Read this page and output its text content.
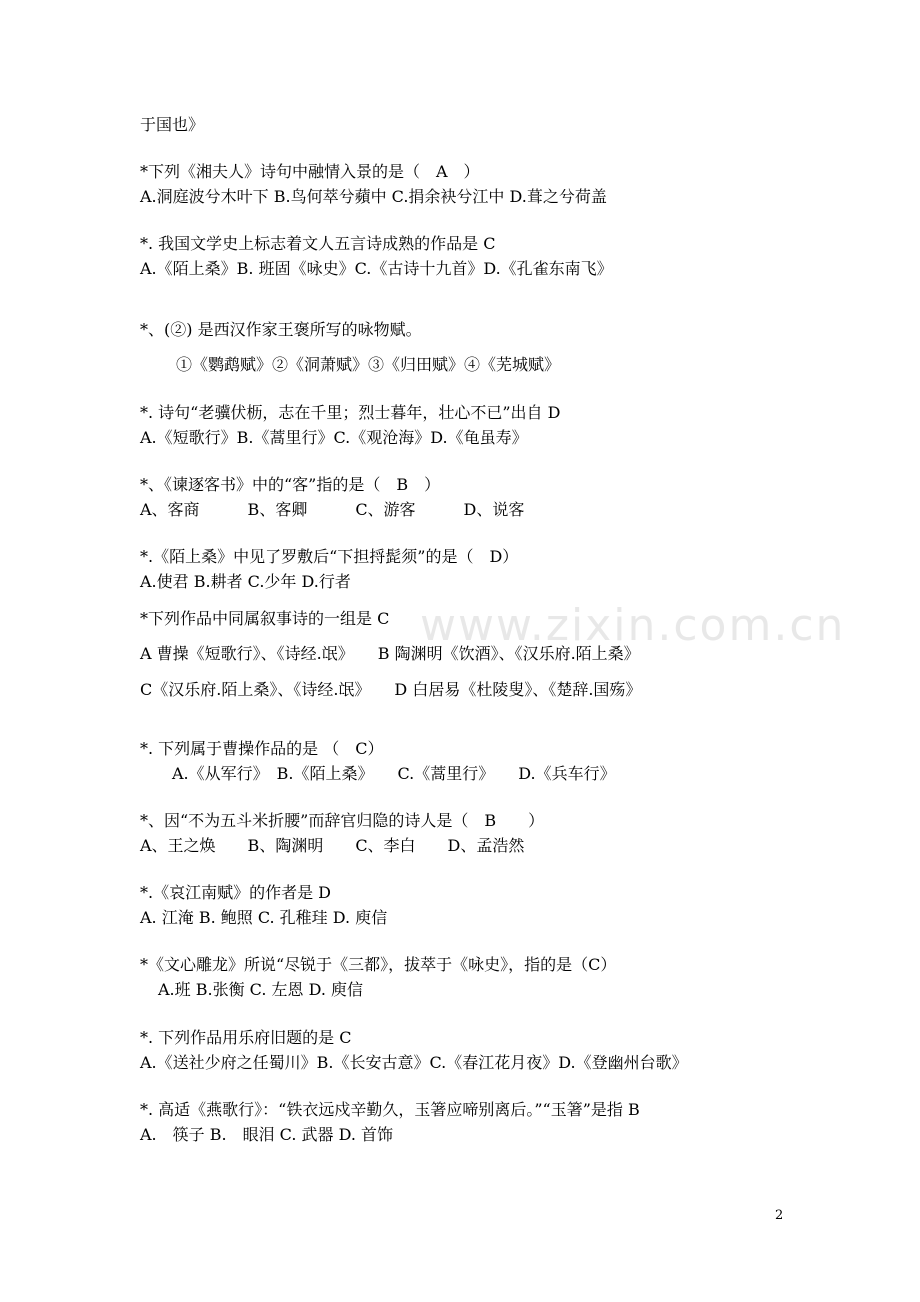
www.zixin.com.cn
于国也》
*下列《湘夫人》诗句中融情入景的是（　A　）
A.洞庭波兮木叶下 B.鸟何萃兮蘋中 C.捐余袂兮江中 D.葺之兮荷盖
*. 我国文学史上标志着文人五言诗成熟的作品是 C
A.《陌上桑》B. 班固《咏史》C.《古诗十九首》D.《孔雀东南飞》
*、(②) 是西汉作家王褒所写的咏物赋。
①《鹦鹉赋》②《洞萧赋》③《归田赋》④《芜城赋》
*. 诗句“老骥伏枥，志在千里；烈士暮年，壮心不已”出自 D
A.《短歌行》B.《蒿里行》C.《观沧海》D.《龟虽寿》
*、《谏逐客书》中的“客”指的是（　B　）
A、客商　　　B、客卿　　　C、游客　　　D、说客
*.《陌上桑》中见了罗敷后“下担捋髭须”的是（　D）
A.使君 B.耕者 C.少年 D.行者
*下列作品中同属叙事诗的一组是 C
A 曹操《短歌行》、《诗经.氓》　　B 陶渊明《饮酒》、《汉乐府.陌上桑》
C《汉乐府.陌上桑》、《诗经.氓》　　D 白居易《杜陵叟》、《楚辞.国殇》
*. 下列属于曹操作品的是 （　C）
A.《从军行》　B.《陌上桑》　　C.《蒿里行》　　D.《兵车行》
*、因“不为五斗米折腰”而辞官归隐的诗人是（　B　　）
A、王之焕　　B、陶渊明　　C、李白　　D、孟浩然
*.《哀江南赋》的作者是 D
A. 江淹 B. 鲍照 C. 孔稚珪 D. 庾信
*《文心雕龙》所说“尽锐于《三都》，拔萃于《咏史》，指的是（C）
A.班 B.张衡 C. 左恩 D. 庾信
*. 下列作品用乐府旧题的是 C
A.《送社少府之任蜀川》B.《长安古意》C.《春江花月夜》D.《登幽州台歌》
*. 高适《燕歌行》：“铁衣远戍辛勤久，玉箸应啼别离后。”“玉箸”是指 B
A.　筷子 B.　眼泪 C. 武器 D. 首饰
2
